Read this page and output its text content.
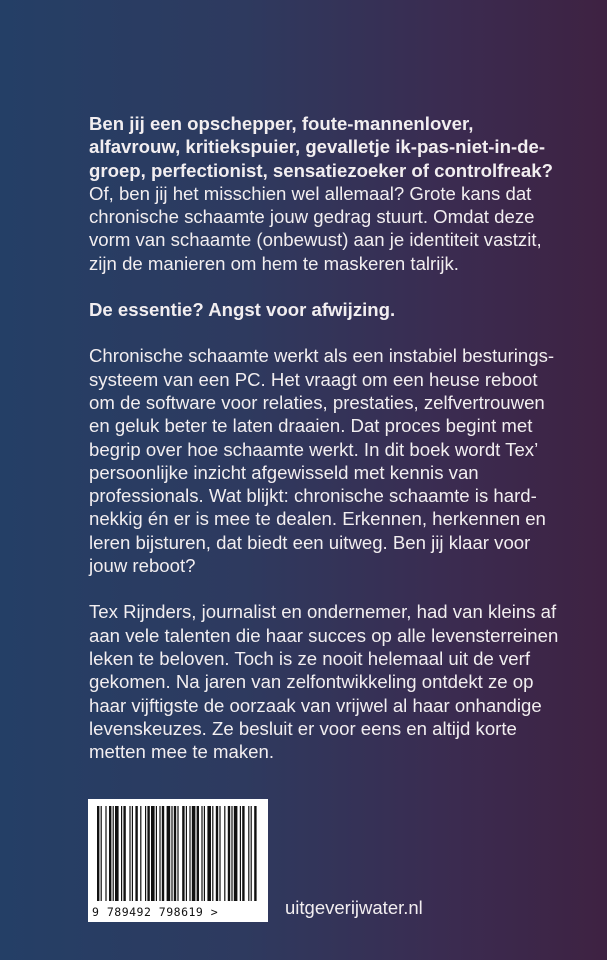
Ben jij een opschepper, foute-mannenlover, alfavrouw, kritiekspuier, gevalletje ik-pas-niet-in-de-groep, perfectionist, sensatiezoeker of controlfreak?

Of, ben jij het misschien wel allemaal? Grote kans dat chronische schaamte jouw gedrag stuurt. Omdat deze vorm van schaamte (onbewust) aan je identiteit vastzit, zijn de manieren om hem te maskeren talrijk.

De essentie? Angst voor afwijzing.

Chronische schaamte werkt als een instabiel besturings-systeem van een PC. Het vraagt om een heuse reboot om de software voor relaties, prestaties, zelfvertrouwen en geluk beter te laten draaien. Dat proces begint met begrip over hoe schaamte werkt. In dit boek wordt Tex’ persoonlijke inzicht afgewisseld met kennis van professionals. Wat blijkt: chronische schaamte is hard-nekkig én er is mee te dealen. Erkennen, herkennen en leren bijsturen, dat biedt een uitweg. Ben jij klaar voor jouw reboot?

Tex Rijnders, journalist en ondernemer, had van kleins af aan vele talenten die haar succes op alle levensterreinen leken te beloven. Toch is ze nooit helemaal uit de verf gekomen. Na jaren van zelfontwikkeling ontdekt ze op haar vijftigste de oorzaak van vrijwel al haar onhandige levenskeuzes. Ze besluit er voor eens en altijd korte metten mee te maken.

9 789492 798619 >	uitgeverijwater.nl
